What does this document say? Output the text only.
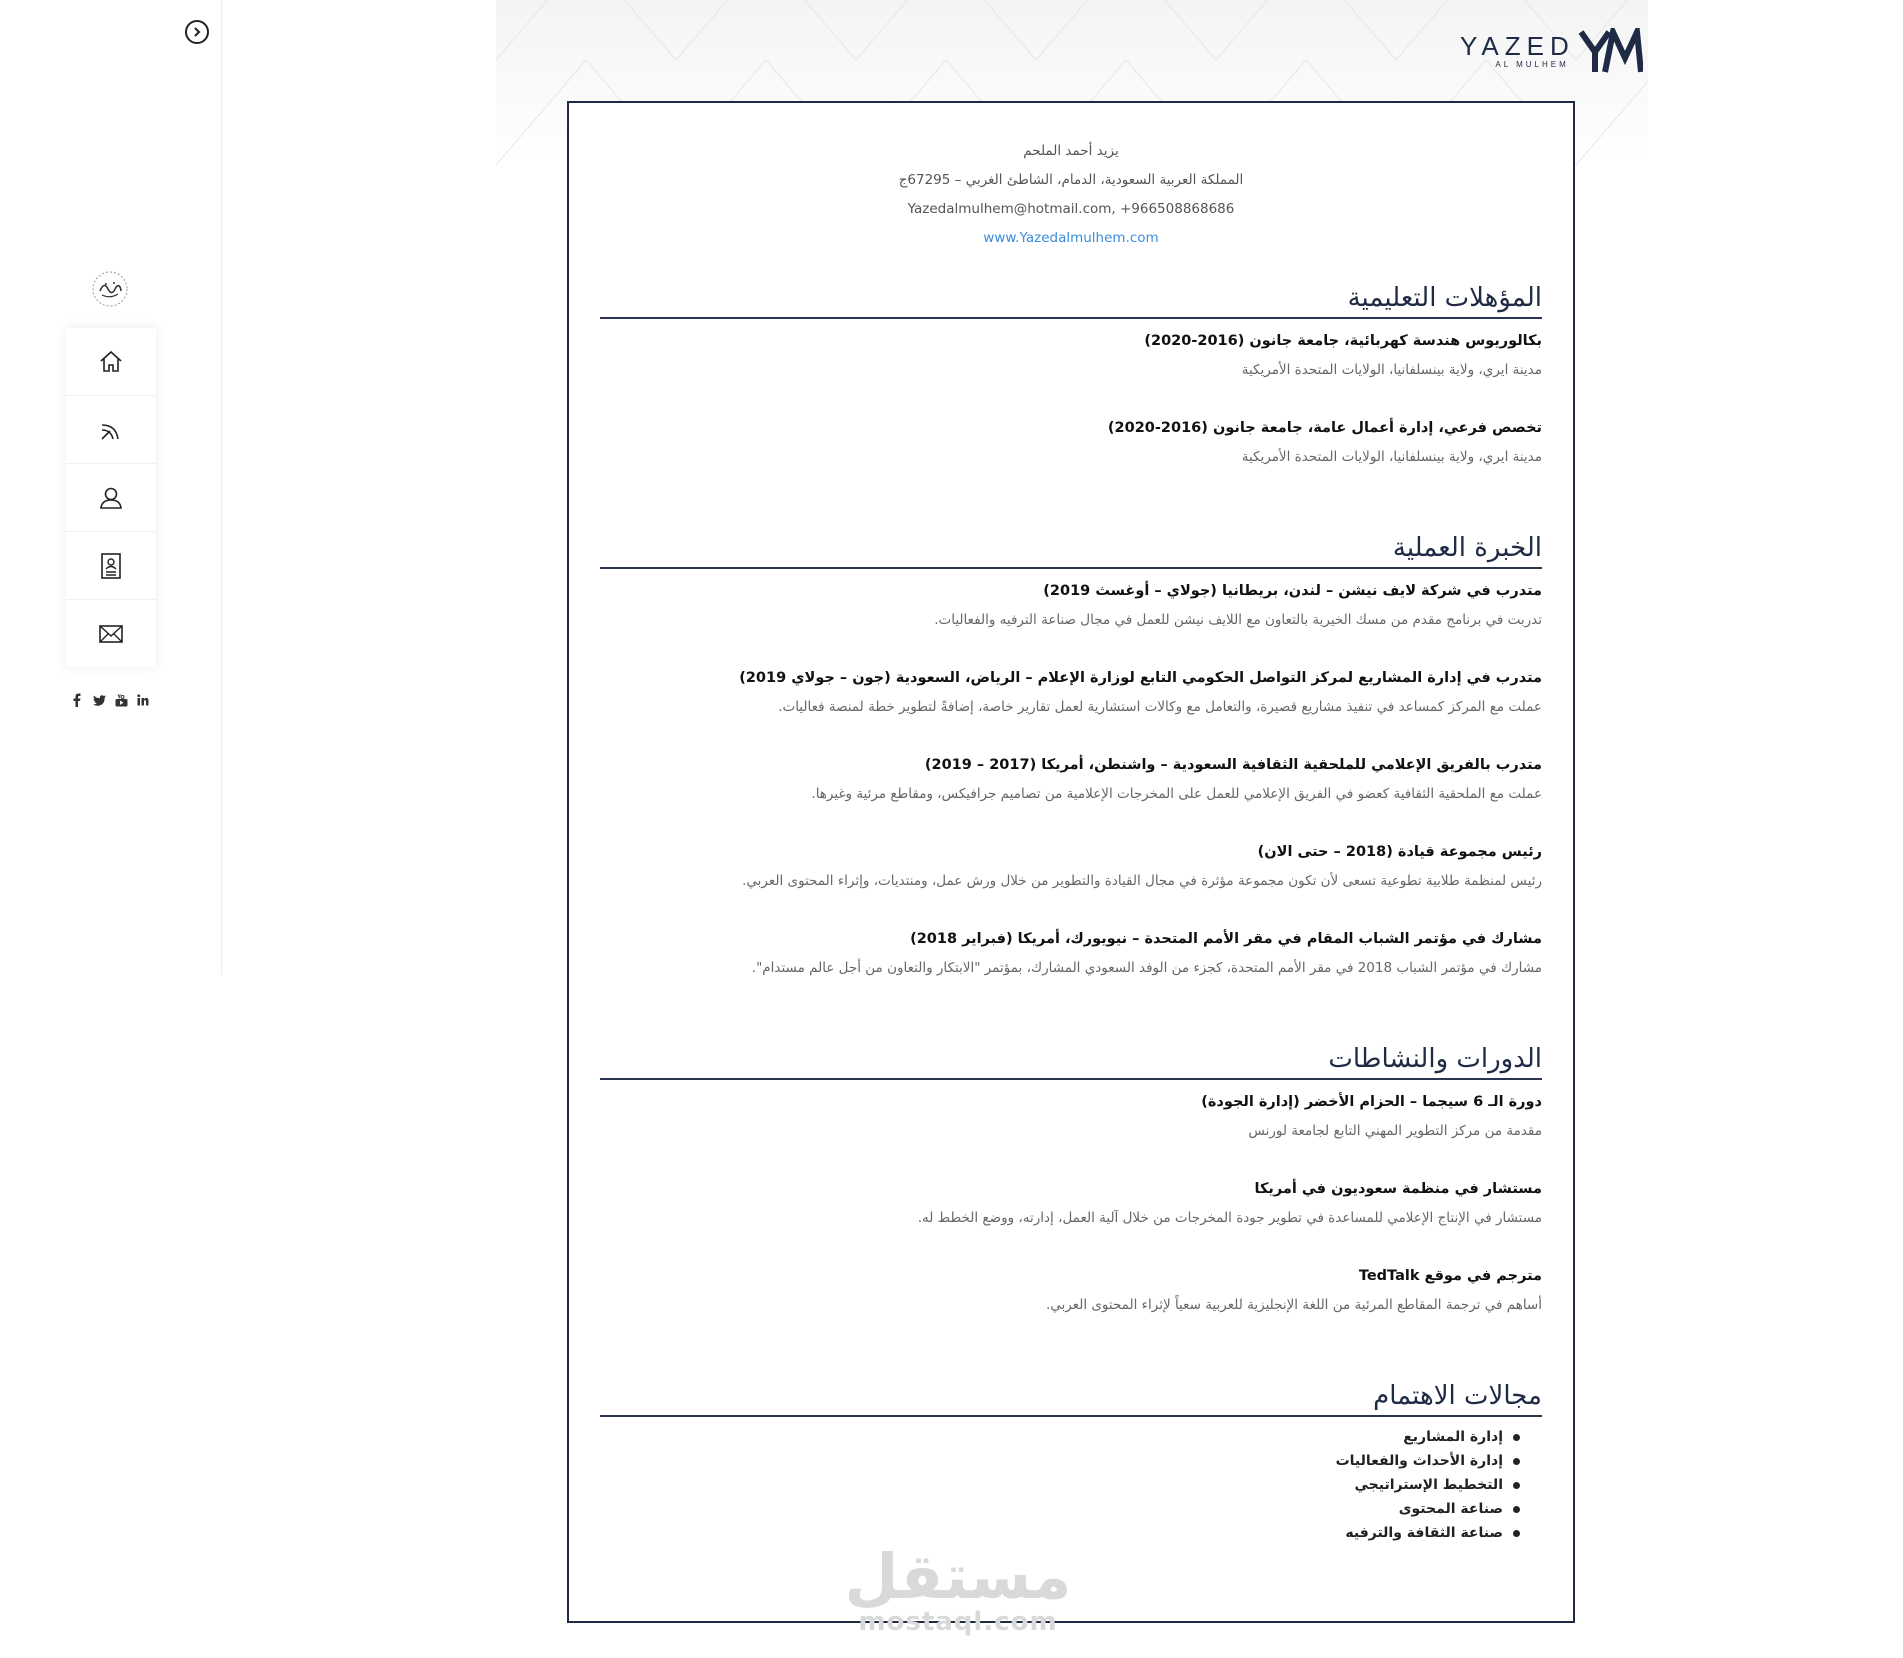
YAZED
AL MULHEM
يزيد أحمد الملحم
المملكة العربية السعودية، الدمام، الشاطئ الغربي – 67295ج
Yazedalmulhem@hotmail.com, +966508868686
www.Yazedalmulhem.com
المؤهلات التعليمية
بكالوريوس هندسة كهربائية، جامعة جانون (2016-2020)
مدينة ايري، ولاية بينسلفانيا، الولايات المتحدة الأمريكية
تخصص فرعي، إدارة أعمال عامة، جامعة جانون (2016-2020)
مدينة ايري، ولاية بينسلفانيا، الولايات المتحدة الأمريكية
الخبرة العملية
متدرب في شركة لايف نيشن – لندن، بريطانيا (جولاي – أوغسث 2019)
تدربت في برنامج مقدم من مسك الخيرية بالتعاون مع اللايف نيشن للعمل في مجال صناعة الترفيه والفعاليات.
متدرب في إدارة المشاريع لمركز التواصل الحكومي التابع لوزارة الإعلام – الرياض، السعودية (جون – جولاي 2019)
عملت مع المركز كمساعد في تنفيذ مشاريع قصيرة، والتعامل مع وكالات استشارية لعمل تقارير خاصة، إضافةً لتطوير خطة لمنصة فعاليات.
متدرب بالفريق الإعلامي للملحقية الثقافية السعودية – واشنطن، أمريكا (2017 – 2019)
عملت مع الملحقية الثقافية كعضو في الفريق الإعلامي للعمل على المخرجات الإعلامية من تصاميم جرافيكس، ومقاطع مرئية وغيرها.
رئيس مجموعة قيادة (2018 – حتى الان)
رئيس لمنظمة طلابية تطوعية تسعى لأن تكون مجموعة مؤثرة في مجال القيادة والتطوير من خلال ورش عمل، ومنتديات، وإثراء المحتوى العربي.
مشارك في مؤتمر الشباب المقام في مقر الأمم المتحدة – نيويورك، أمريكا (فبراير 2018)
مشارك في مؤتمر الشباب 2018 في مقر الأمم المتحدة، كجزء من الوفد السعودي المشارك، بمؤتمر "الابتكار والتعاون من أجل عالم مستدام".
الدورات والنشاطات
دورة الـ 6 سيجما – الحزام الأخضر (إدارة الجودة)
مقدمة من مركز التطوير المهني التابع لجامعة لورنس
مستشار في منظمة سعوديون في أمريكا
مستشار في الإنتاج الإعلامي للمساعدة في تطوير جودة المخرجات من خلال آلية العمل، إدارته، ووضع الخطط له.
مترجم في موقع TedTalk
أساهم في ترجمة المقاطع المرئية من اللغة الإنجليزية للعربية سعياً لإثراء المحتوى العربي.
مجالات الاهتمام
إدارة المشاريع
إدارة الأحداث والفعاليات
التخطيط الإستراتيجي
صناعة المحتوى
صناعة الثقافة والترفيه
مستقل
mostaql.com
